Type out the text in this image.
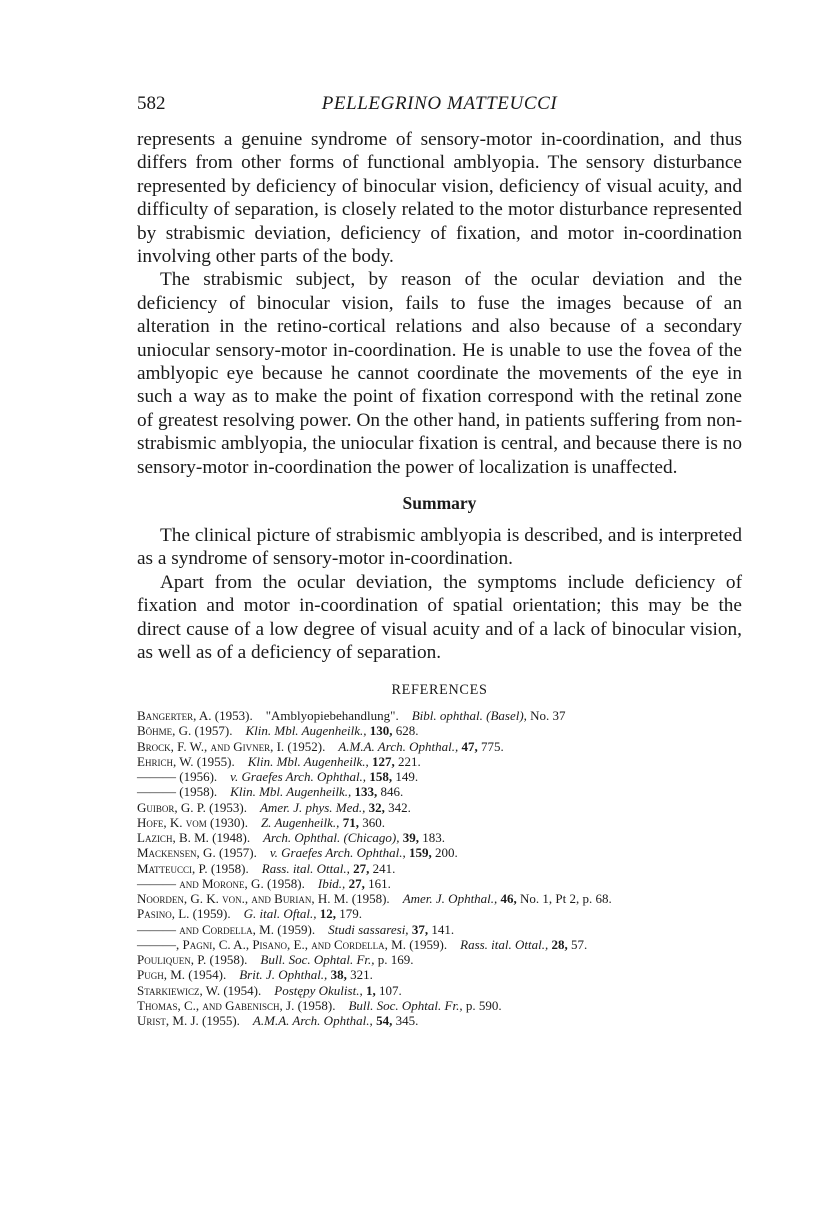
582	PELLEGRINO MATTEUCCI

represents a genuine syndrome of sensory-motor in-coordination, and thus differs from other forms of functional amblyopia. The sensory disturbance represented by deficiency of binocular vision, deficiency of visual acuity, and difficulty of separation, is closely related to the motor disturbance represented by strabismic deviation, deficiency of fixation, and motor in-coordination involving other parts of the body.

The strabismic subject, by reason of the ocular deviation and the deficiency of binocular vision, fails to fuse the images because of an alteration in the retino-cortical relations and also because of a secondary uniocular sensory-motor in-coordination. He is unable to use the fovea of the amblyopic eye because he cannot coordinate the movements of the eye in such a way as to make the point of fixation correspond with the retinal zone of greatest resolving power. On the other hand, in patients suffering from non-strabismic amblyopia, the uniocular fixation is central, and because there is no sensory-motor in-coordination the power of localization is unaffected.

Summary

The clinical picture of strabismic amblyopia is described, and is interpreted as a syndrome of sensory-motor in-coordination.

Apart from the ocular deviation, the symptoms include deficiency of fixation and motor in-coordination of spatial orientation; this may be the direct cause of a low degree of visual acuity and of a lack of binocular vision, as well as of a deficiency of separation.

REFERENCES
Bangerter, A. (1953).  "Amblyopiebehandlung".  Bibl. ophthal. (Basel), No. 37
Böhme, G. (1957).  Klin. Mbl. Augenheilk., 130, 628.
Brock, F. W., and Givner, I. (1952).  A.M.A. Arch. Ophthal., 47, 775.
Ehrich, W. (1955).  Klin. Mbl. Augenheilk., 127, 221.
——— (1956).  v. Graefes Arch. Ophthal., 158, 149.
——— (1958).  Klin. Mbl. Augenheilk., 133, 846.
Guibor, G. P. (1953).  Amer. J. phys. Med., 32, 342.
Hofe, K. vom (1930).  Z. Augenheilk., 71, 360.
Lazich, B. M. (1948).  Arch. Ophthal. (Chicago), 39, 183.
Mackensen, G. (1957).  v. Graefes Arch. Ophthal., 159, 200.
Matteucci, P. (1958).  Rass. ital. Ottal., 27, 241.
——— and Morone, G. (1958).  Ibid., 27, 161.
Noorden, G. K. von., and Burian, H. M. (1958).  Amer. J. Ophthal., 46, No. 1, Pt 2, p. 68.
Pasino, L. (1959).  G. ital. Oftal., 12, 179.
——— and Cordella, M. (1959).  Studi sassaresi, 37, 141.
———, Pagni, C. A., Pisano, E., and Cordella, M. (1959).  Rass. ital. Ottal., 28, 57.
Pouliquen, P. (1958).  Bull. Soc. Ophtal. Fr., p. 169.
Pugh, M. (1954).  Brit. J. Ophthal., 38, 321.
Starkiewicz, W. (1954).  Postępy Okulist., 1, 107.
Thomas, C., and Gabenisch, J. (1958).  Bull. Soc. Ophtal. Fr., p. 590.
Urist, M. J. (1955).  A.M.A. Arch. Ophthal., 54, 345.
